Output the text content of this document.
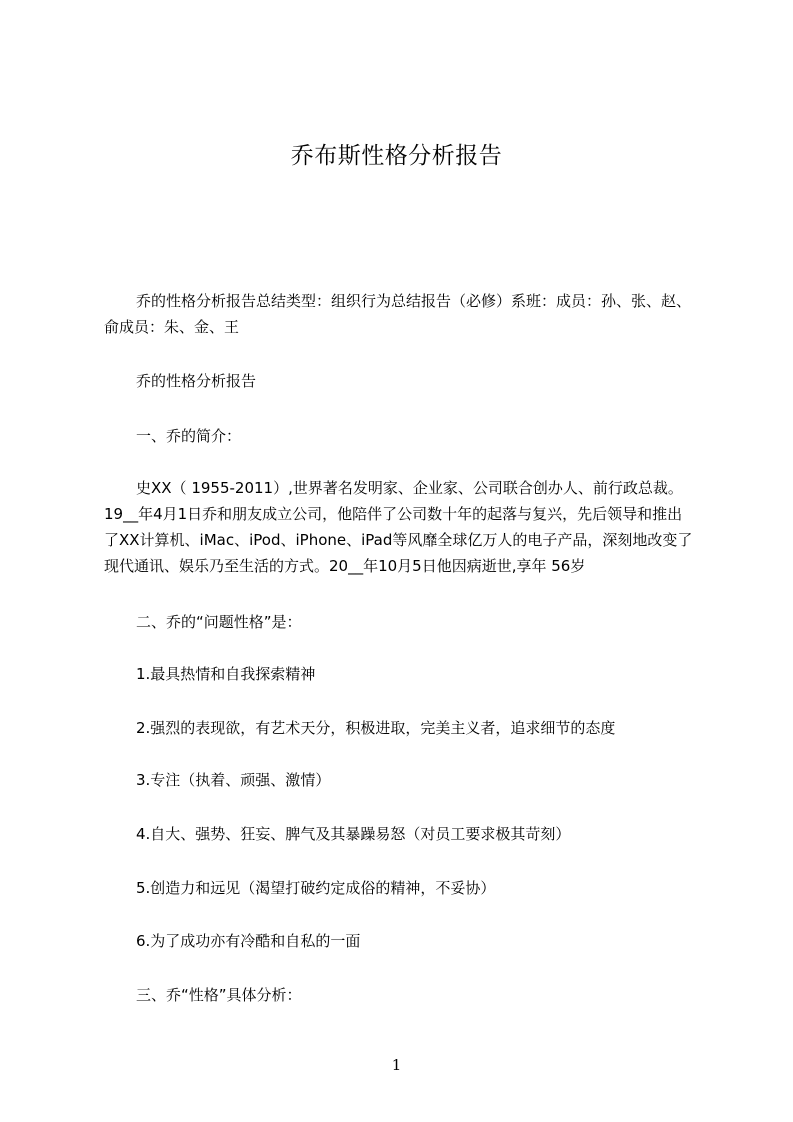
乔布斯性格分析报告

乔的性格分析报告总结类型：组织行为总结报告（必修）系班：成员：孙、张、赵、俞成员：朱、金、王

乔的性格分析报告
一、乔的简介：

史XX（ 1955-2011）,世界著名发明家、企业家、公司联合创办人、前行政总裁。19__年4月1日乔和朋友成立公司，他陪伴了公司数十年的起落与复兴，先后领导和推出了XX计算机、iMac、iPod、iPhone、iPad等风靡全球亿万人的电子产品，深刻地改变了现代通讯、娱乐乃至生活的方式。20__年10月5日他因病逝世,享年 56岁

二、乔的“问题性格”是：
1.最具热情和自我探索精神
2.强烈的表现欲，有艺术天分，积极进取，完美主义者，追求细节的态度
3.专注（执着、顽强、激情）
4.自大、强势、狂妄、脾气及其暴躁易怒（对员工要求极其苛刻）
5.创造力和远见（渴望打破约定成俗的精神，不妥协）
6.为了成功亦有冷酷和自私的一面
三、乔“性格”具体分析：
1
